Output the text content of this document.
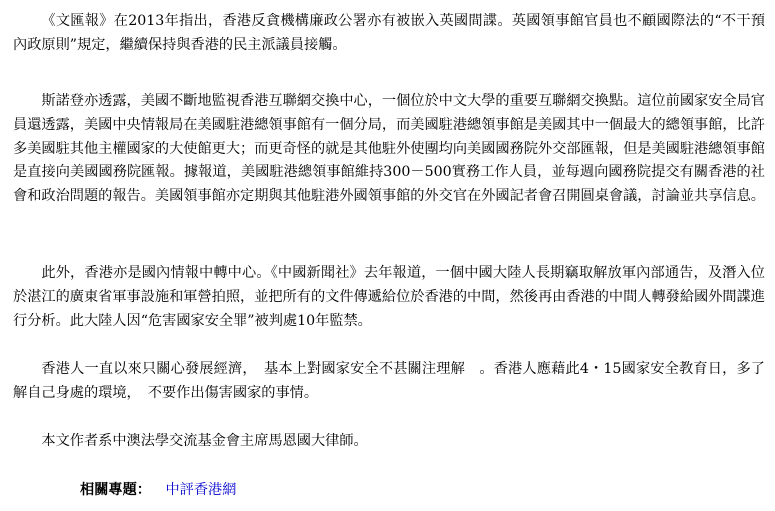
《文匯報》在2013年指出，香港反貪機構廉政公署亦有被嵌入英國間諜。英國領事館官員也不顧國際法的“不干預內政原則”規定，繼續保持與香港的民主派議員接觸。

斯諾登亦透露，美國不斷地監視香港互聯網交換中心，一個位於中文大學的重要互聯網交換點。這位前國家安全局官員還透露，美國中央情報局在美國駐港總領事館有一個分局，而美國駐港總領事館是美國其中一個最大的總領事館，比許多美國駐其他主權國家的大使館更大；而更奇怪的就是其他駐外使團均向美國國務院外交部匯報，但是美國駐港總領事館是直接向美國國務院匯報。據報道，美國駐港總領事館維持300－500實務工作人員，並每週向國務院提交有關香港的社會和政治問題的報告。美國領事館亦定期與其他駐港外國領事館的外交官在外國記者會召開圓桌會議，討論並共享信息。

此外，香港亦是國內情報中轉中心。《中國新聞社》去年報道，一個中國大陸人長期竊取解放軍內部通告，及潛入位於湛江的廣東省軍事設施和軍營拍照，並把所有的文件傳遞給位於香港的中間，然後再由香港的中間人轉發給國外間諜進行分析。此大陸人因“危害國家安全罪”被判處10年監禁。

香港人一直以來只關心發展經濟，　基本上對國家安全不甚關注理解　。香港人應藉此4・15國家安全教育日，多了解自己身處的環境，　不要作出傷害國家的事情。

本文作者系中澳法學交流基金會主席馬恩國大律師。

相關專題： 中評香港網
